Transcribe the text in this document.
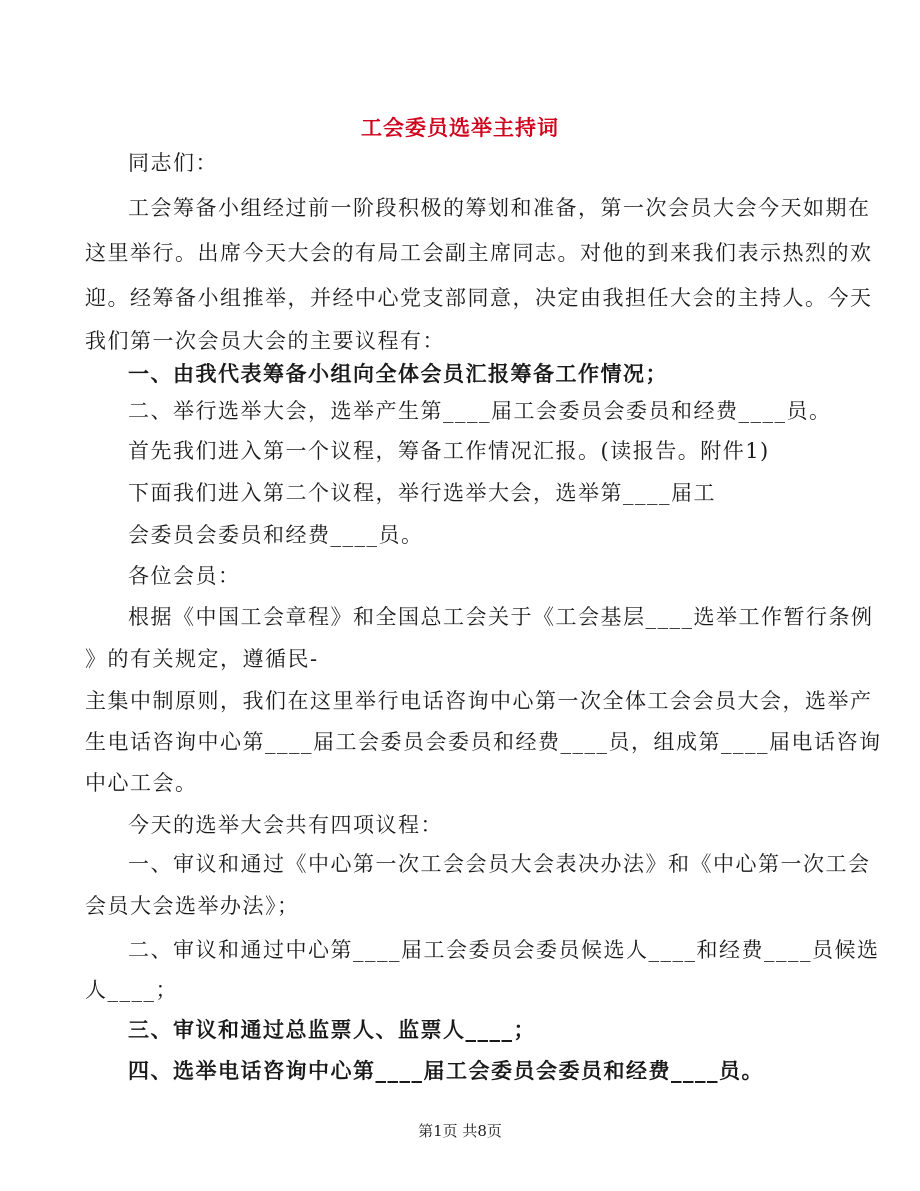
工会委员选举主持词
同志们：
工会筹备小组经过前一阶段积极的筹划和准备，第一次会员大会今天如期在
这里举行。出席今天大会的有局工会副主席同志。对他的到来我们表示热烈的欢
迎。经筹备小组推举，并经中心党支部同意，决定由我担任大会的主持人。今天
我们第一次会员大会的主要议程有：
一、由我代表筹备小组向全体会员汇报筹备工作情况；
二、举行选举大会，选举产生第____届工会委员会委员和经费____员。
首先我们进入第一个议程，筹备工作情况汇报。(读报告。附件1)
下面我们进入第二个议程，举行选举大会，选举第____届工
会委员会委员和经费____员。
各位会员：
根据《中国工会章程》和全国总工会关于《工会基层____选举工作暂行条例
》的有关规定，遵循民-
主集中制原则，我们在这里举行电话咨询中心第一次全体工会会员大会，选举产
生电话咨询中心第____届工会委员会委员和经费____员，组成第____届电话咨询
中心工会。
今天的选举大会共有四项议程：
一、审议和通过《中心第一次工会会员大会表决办法》和《中心第一次工会
会员大会选举办法》；
二、审议和通过中心第____届工会委员会委员候选人____和经费____员候选
人____；
三、审议和通过总监票人、监票人____；
四、选举电话咨询中心第____届工会委员会委员和经费____员。
第1页 共8页
